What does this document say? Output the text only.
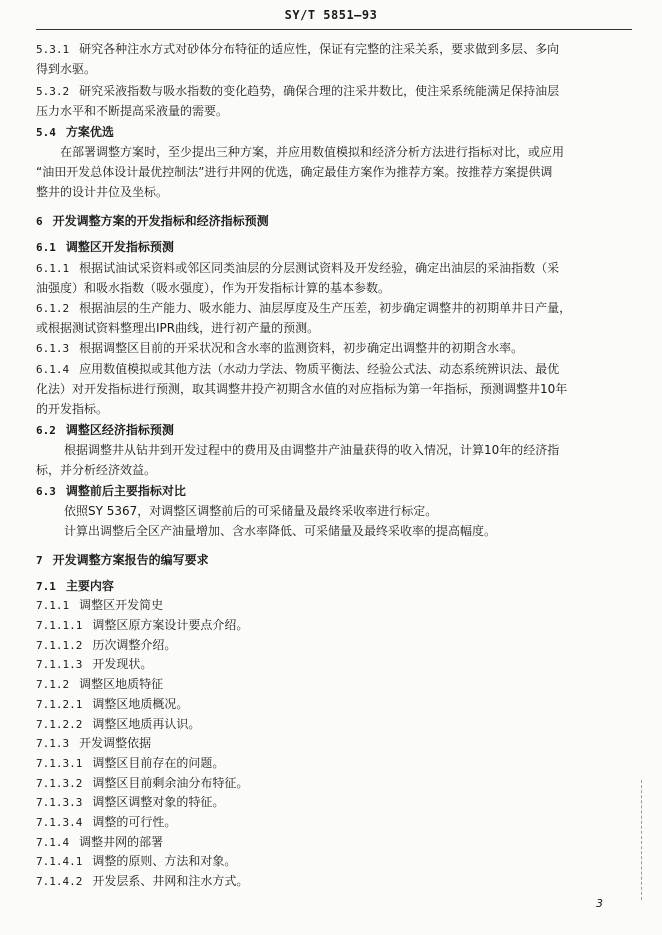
SY/T 5851—93
5.3.1 研究各种注水方式对砂体分布特征的适应性，保证有完整的注采关系，要求做到多层、多向
得到水驱。
5.3.2 研究采液指数与吸水指数的变化趋势，确保合理的注采井数比，使注采系统能满足保持油层
压力水平和不断提高采液量的需要。
5.4 方案优选
在部署调整方案时，至少提出三种方案，并应用数值模拟和经济分析方法进行指标对比，或应用
“油田开发总体设计最优控制法”进行井网的优选，确定最佳方案作为推荐方案。按推荐方案提供调
整井的设计井位及坐标。
6 开发调整方案的开发指标和经济指标预测
6.1 调整区开发指标预测
6.1.1 根据试油试采资料或邻区同类油层的分层测试资料及开发经验，确定出油层的采油指数（采
油强度）和吸水指数（吸水强度），作为开发指标计算的基本参数。
6.1.2 根据油层的生产能力、吸水能力、油层厚度及生产压差，初步确定调整井的初期单井日产量，
或根据测试资料整理出IPR曲线，进行初产量的预测。
6.1.3 根据调整区目前的开采状况和含水率的监测资料，初步确定出调整井的初期含水率。
6.1.4 应用数值模拟或其他方法（水动力学法、物质平衡法、经验公式法、动态系统辨识法、最优
化法）对开发指标进行预测，取其调整井投产初期含水值的对应指标为第一年指标，预测调整井10年
的开发指标。
6.2 调整区经济指标预测
根据调整井从钻井到开发过程中的费用及由调整井产油量获得的收入情况，计算10年的经济指
标，并分析经济效益。
6.3 调整前后主要指标对比
依照SY 5367，对调整区调整前后的可采储量及最终采收率进行标定。
计算出调整后全区产油量增加、含水率降低、可采储量及最终采收率的提高幅度。
7 开发调整方案报告的编写要求
7.1 主要内容
7.1.1 调整区开发简史
7.1.1.1 调整区原方案设计要点介绍。
7.1.1.2 历次调整介绍。
7.1.1.3 开发现状。
7.1.2 调整区地质特征
7.1.2.1 调整区地质概况。
7.1.2.2 调整区地质再认识。
7.1.3 开发调整依据
7.1.3.1 调整区目前存在的问题。
7.1.3.2 调整区目前剩余油分布特征。
7.1.3.3 调整区调整对象的特征。
7.1.3.4 调整的可行性。
7.1.4 调整井网的部署
7.1.4.1 调整的原则、方法和对象。
7.1.4.2 开发层系、井网和注水方式。
3
